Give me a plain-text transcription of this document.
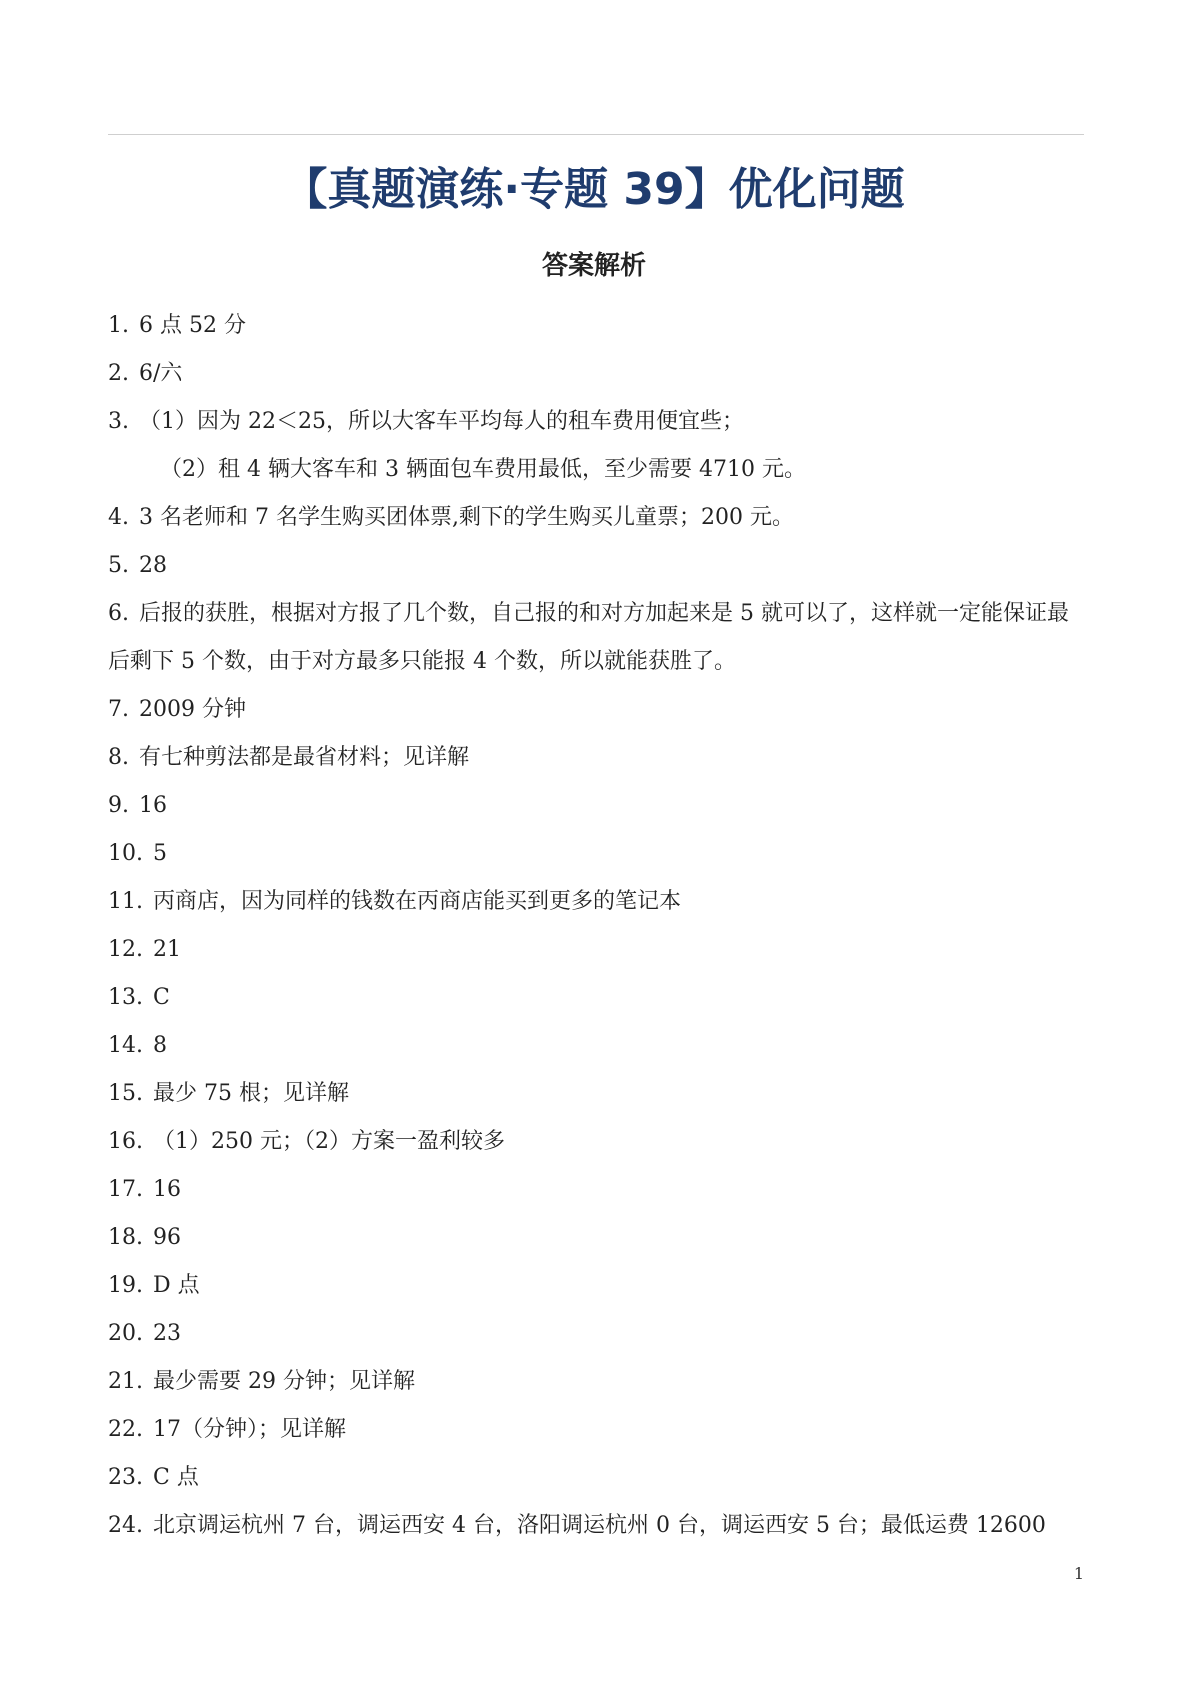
【真题演练·专题 39】优化问题
答案解析
1. 6 点 52 分
2. 6/六
3. （1）因为 22＜25，所以大客车平均每人的租车费用便宜些；
（2）租 4 辆大客车和 3 辆面包车费用最低，至少需要 4710 元。
4. 3 名老师和 7 名学生购买团体票,剩下的学生购买儿童票；200 元。
5. 28
6. 后报的获胜，根据对方报了几个数，自己报的和对方加起来是 5 就可以了，这样就一定能保证最后剩下 5 个数，由于对方最多只能报 4 个数，所以就能获胜了。
7. 2009 分钟
8. 有七种剪法都是最省材料；见详解
9. 16
10. 5
11. 丙商店，因为同样的钱数在丙商店能买到更多的笔记本
12. 21
13. C
14. 8
15. 最少 75 根；见详解
16. （1）250 元；（2）方案一盈利较多
17. 16
18. 96
19. D 点
20. 23
21. 最少需要 29 分钟；见详解
22. 17（分钟）；见详解
23. C 点
24. 北京调运杭州 7 台，调运西安 4 台，洛阳调运杭州 0 台，调运西安 5 台；最低运费 12600
1
